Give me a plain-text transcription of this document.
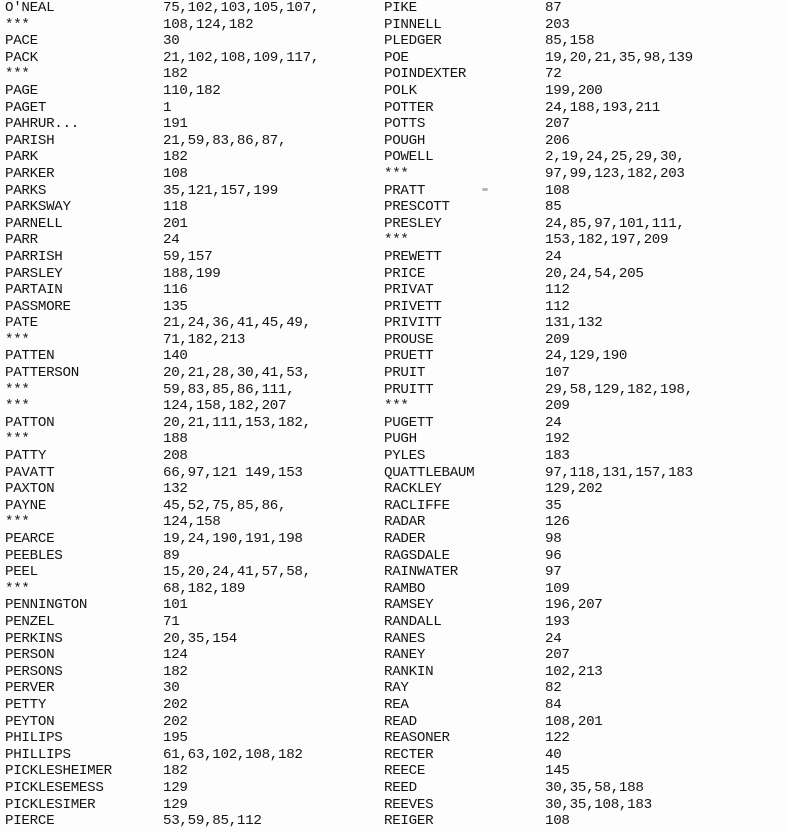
O'NEAL	75,102,103,105,107,
***	108,124,182
PACE	30
PACK	21,102,108,109,117,
***	182
PAGE	110,182
PAGET	1
PAHRUR...	191
PARISH	21,59,83,86,87,
PARK	182
PARKER	108
PARKS	35,121,157,199
PARKSWAY	118
PARNELL	201
PARR	24
PARRISH	59,157
PARSLEY	188,199
PARTAIN	116
PASSMORE	135
PATE	21,24,36,41,45,49,
***	71,182,213
PATTEN	140
PATTERSON	20,21,28,30,41,53,
***	59,83,85,86,111,
***	124,158,182,207
PATTON	20,21,111,153,182,
***	188
PATTY	208
PAVATT	66,97,121 149,153
PAXTON	132
PAYNE	45,52,75,85,86,
***	124,158
PEARCE	19,24,190,191,198
PEEBLES	89
PEEL	15,20,24,41,57,58,
***	68,182,189
PENNINGTON	101
PENZEL	71
PERKINS	20,35,154
PERSON	124
PERSONS	182
PERVER	30
PETTY	202
PEYTON	202
PHILIPS	195
PHILLIPS	61,63,102,108,182
PICKLESHEIMER	182
PICKLESEMESS	129
PICKLESIMER	129
PIERCE	53,59,85,112
PIKE	87
PINNELL	203
PLEDGER	85,158
POE	19,20,21,35,98,139
POINDEXTER	72
POLK	199,200
POTTER	24,188,193,211
POTTS	207
POUGH	206
POWELL	2,19,24,25,29,30,
***	97,99,123,182,203
PRATT	108
PRESCOTT	85
PRESLEY	24,85,97,101,111,
***	153,182,197,209
PREWETT	24
PRICE	20,24,54,205
PRIVAT	112
PRIVETT	112
PRIVITT	131,132
PROUSE	209
PRUETT	24,129,190
PRUIT	107
PRUITT	29,58,129,182,198,
***	209
PUGETT	24
PUGH	192
PYLES	183
QUATTLEBAUM	97,118,131,157,183
RACKLEY	129,202
RACLIFFE	35
RADAR	126
RADER	98
RAGSDALE	96
RAINWATER	97
RAMBO	109
RAMSEY	196,207
RANDALL	193
RANES	24
RANEY	207
RANKIN	102,213
RAY	82
REA	84
READ	108,201
REASONER	122
RECTER	40
REECE	145
REED	30,35,58,188
REEVES	30,35,108,183
REIGER	108
